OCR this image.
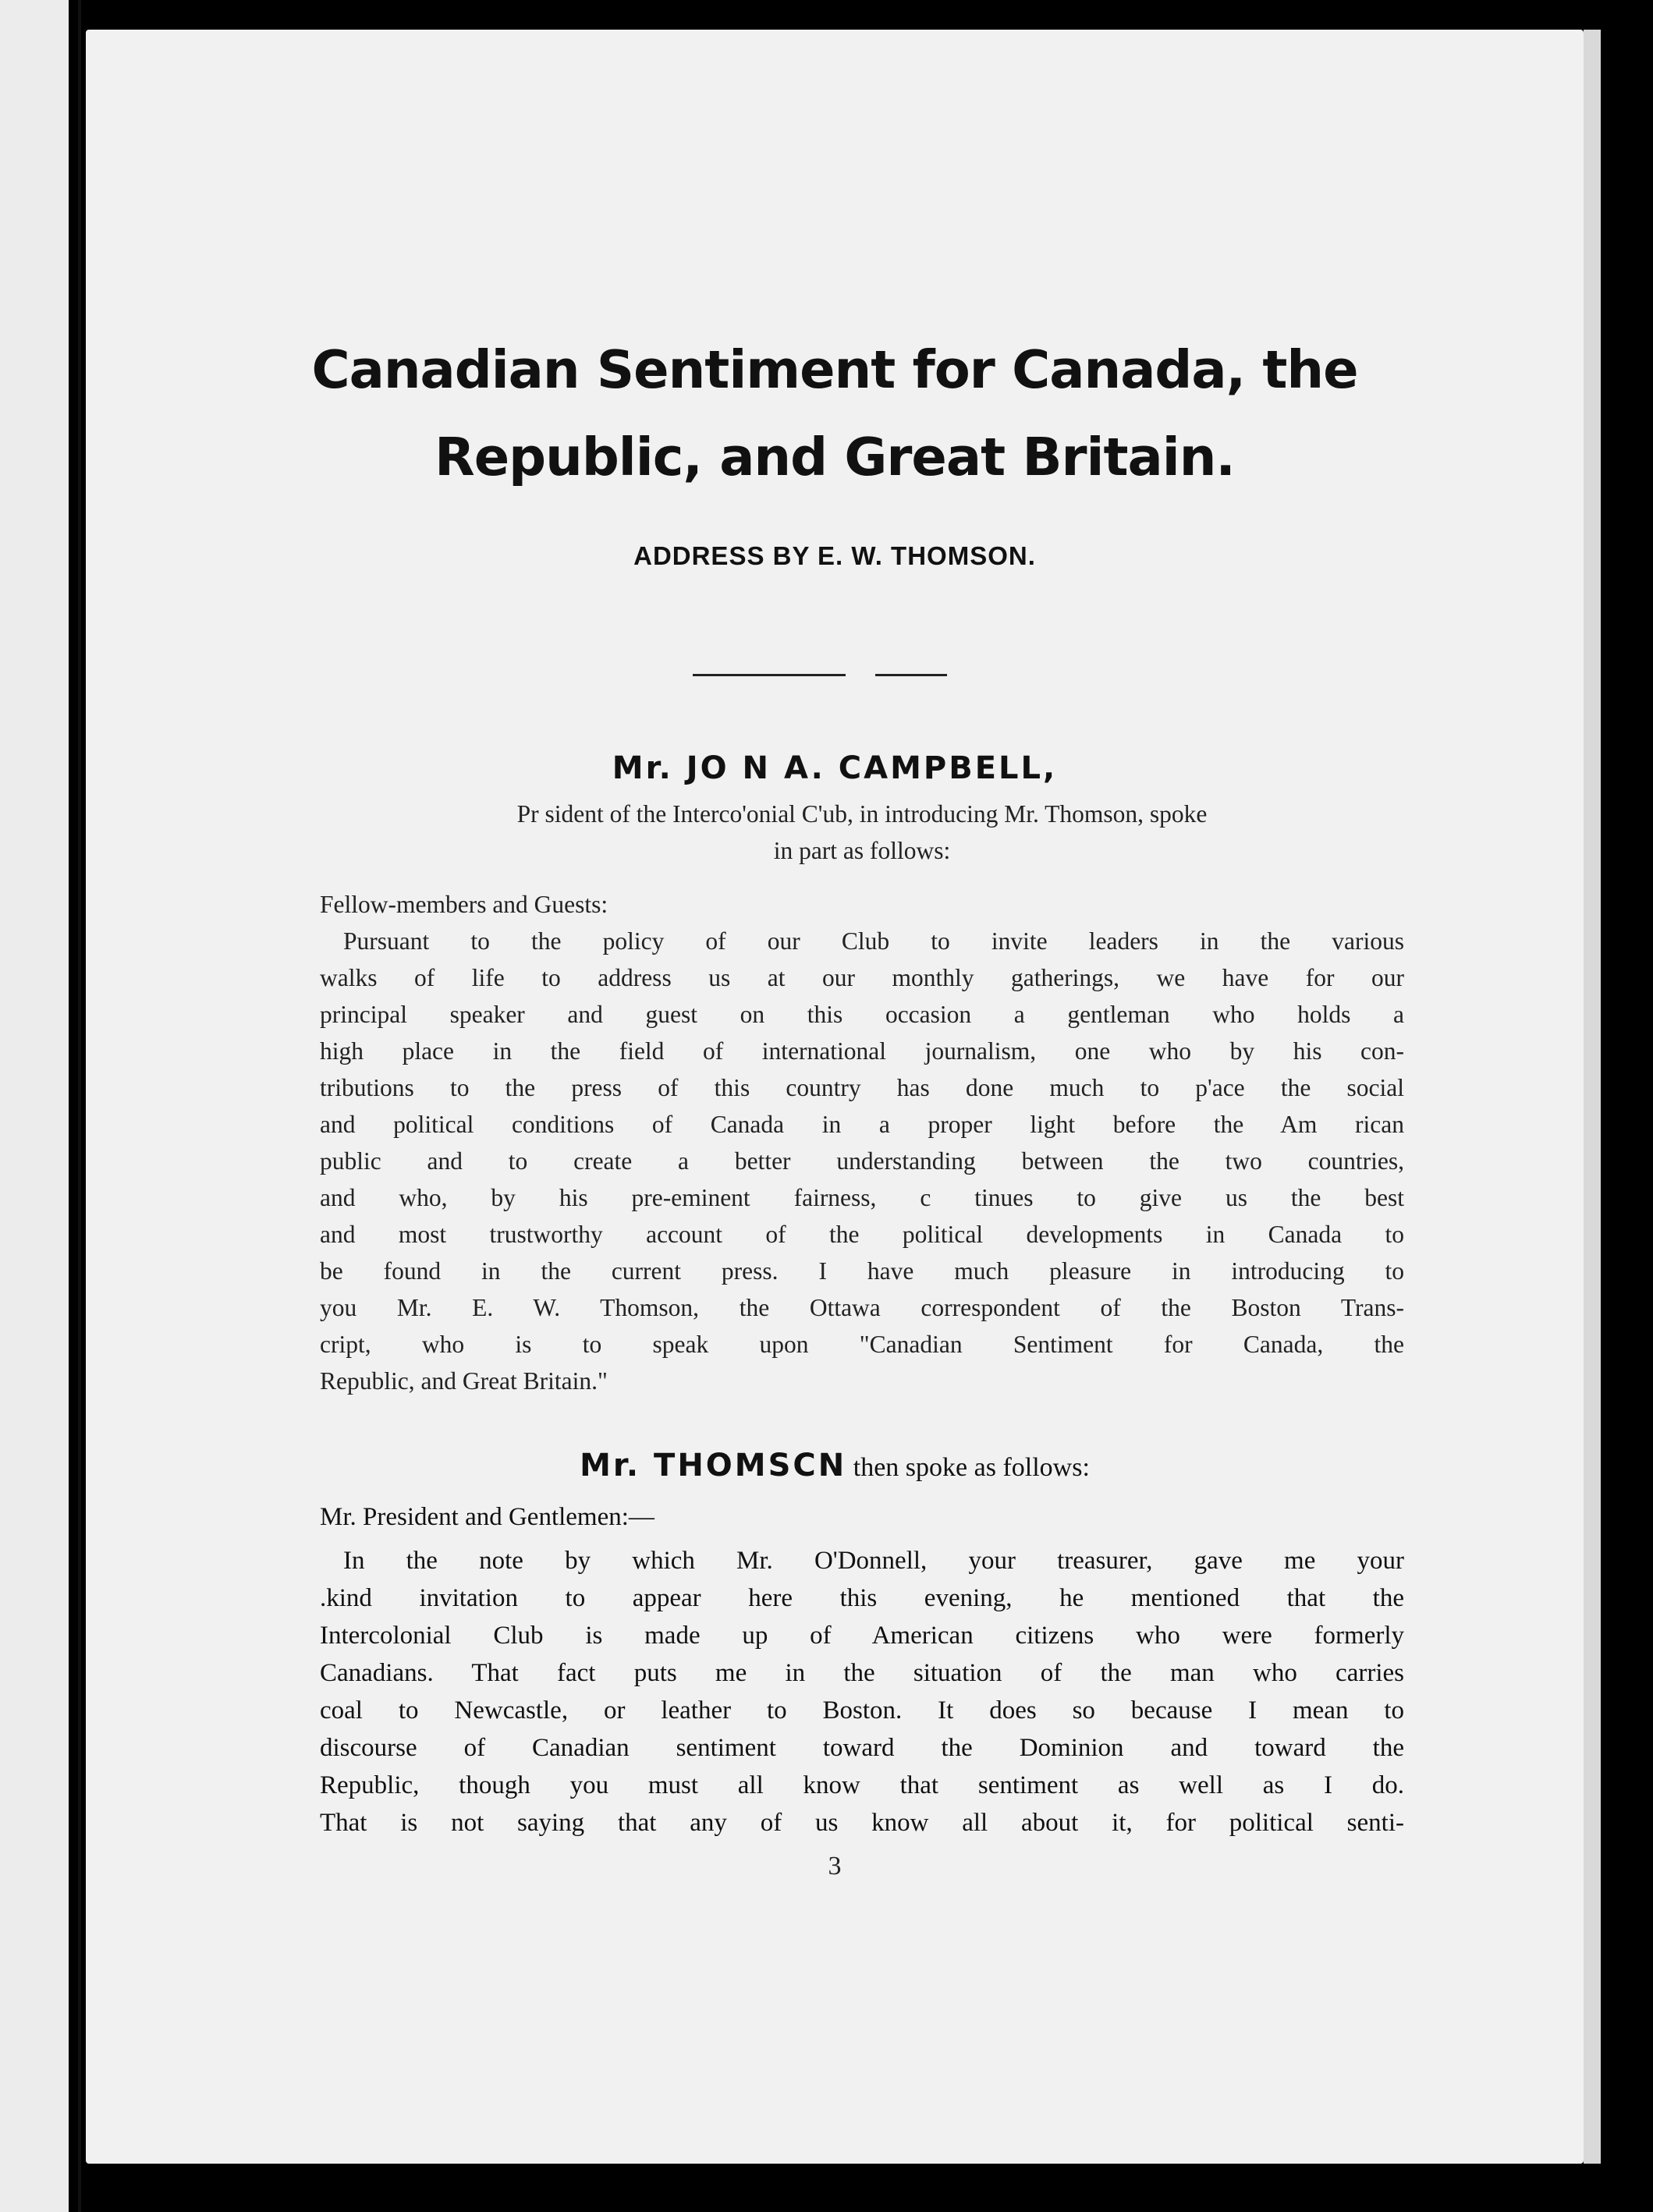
Canadian Sentiment for Canada, the
Republic, and Great Britain.
ADDRESS BY E. W. THOMSON.
Mr. JO N A. CAMPBELL,
Pr sident of the Interco'onial C'ub, in introducing Mr. Thomson, spoke
in part as follows:
Fellow-members and Guests:
Pursuant to the policy of our Club to invite leaders in the various
walks of life to address us at our monthly gatherings, we have for our
principal speaker and guest on this occasion a gentleman who holds a
high place in the field of international journalism, one who by his con-
tributions to the press of this country has done much to p'ace the social
and political conditions of Canada in a proper light before the Am rican
public and to create a better understanding between the two countries,
and who, by his pre-eminent fairness, c tinues to give us the best
and most trustworthy account of the political developments in Canada to
be found in the current press. I have much pleasure in introducing to
you Mr. E. W. Thomson, the Ottawa correspondent of the Boston Trans-
cript, who is to speak upon "Canadian Sentiment for Canada, the
Republic, and Great Britain."
Mr. THOMSCN then spoke as follows:
Mr. President and Gentlemen:—
In the note by which Mr. O'Donnell, your treasurer, gave me your
.kind invitation to appear here this evening, he mentioned that the
Intercolonial Club is made up of American citizens who were formerly
Canadians. That fact puts me in the situation of the man who carries
coal to Newcastle, or leather to Boston. It does so because I mean to
discourse of Canadian sentiment toward the Dominion and toward the
Republic, though you must all know that sentiment as well as I do.
That is not saying that any of us know all about it, for political senti-
3
